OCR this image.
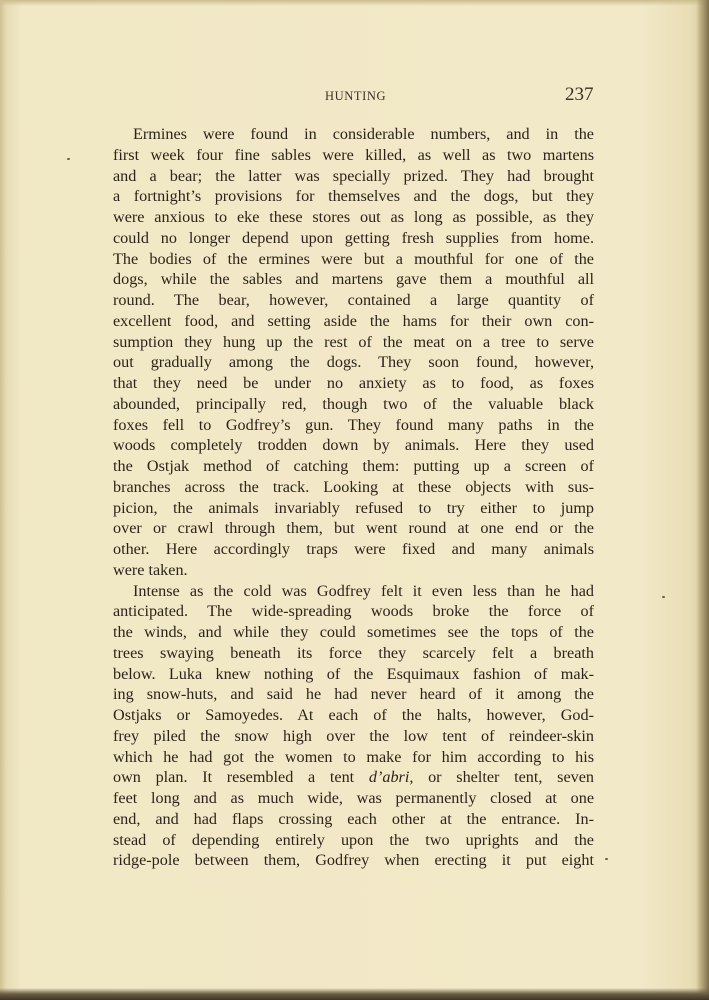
HUNTING	237
Ermines were found in considerable numbers, and in the
first week four fine sables were killed, as well as two martens
and a bear; the latter was specially prized. They had brought
a fortnight’s provisions for themselves and the dogs, but they
were anxious to eke these stores out as long as possible, as they
could no longer depend upon getting fresh supplies from home.
The bodies of the ermines were but a mouthful for one of the
dogs, while the sables and martens gave them a mouthful all
round. The bear, however, contained a large quantity of
excellent food, and setting aside the hams for their own con-
sumption they hung up the rest of the meat on a tree to serve
out gradually among the dogs. They soon found, however,
that they need be under no anxiety as to food, as foxes
abounded, principally red, though two of the valuable black
foxes fell to Godfrey’s gun. They found many paths in the
woods completely trodden down by animals. Here they used
the Ostjak method of catching them: putting up a screen of
branches across the track. Looking at these objects with sus-
picion, the animals invariably refused to try either to jump
over or crawl through them, but went round at one end or the
other. Here accordingly traps were fixed and many animals
were taken.
Intense as the cold was Godfrey felt it even less than he had
anticipated. The wide-spreading woods broke the force of
the winds, and while they could sometimes see the tops of the
trees swaying beneath its force they scarcely felt a breath
below. Luka knew nothing of the Esquimaux fashion of mak-
ing snow-huts, and said he had never heard of it among the
Ostjaks or Samoyedes. At each of the halts, however, God-
frey piled the snow high over the low tent of reindeer-skin
which he had got the women to make for him according to his
own plan. It resembled a tent d’abri, or shelter tent, seven
feet long and as much wide, was permanently closed at one
end, and had flaps crossing each other at the entrance. In-
stead of depending entirely upon the two uprights and the
ridge-pole between them, Godfrey when erecting it put eight
